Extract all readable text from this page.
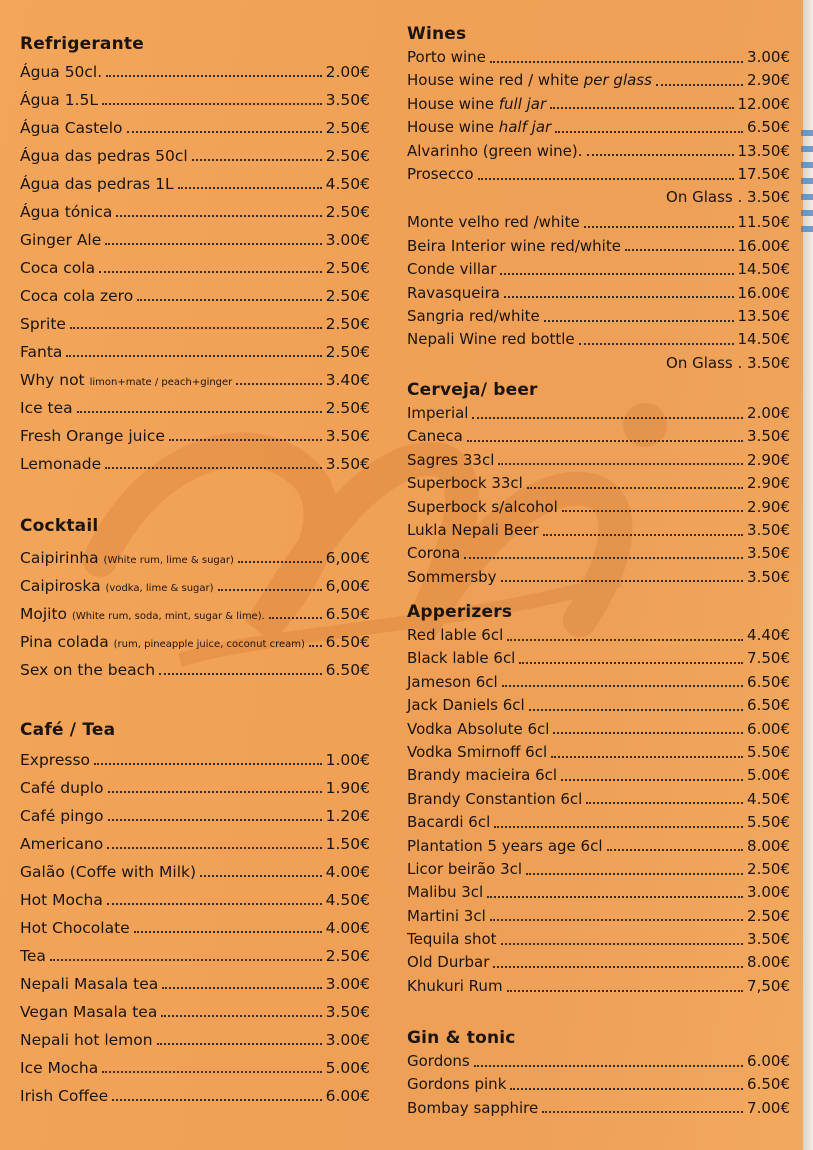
Refrigerante
Água 50cl.	2.00€
Água 1.5L	3.50€
Água Castelo	2.50€
Água das pedras 50cl	2.50€
Água das pedras 1L	4.50€
Água tónica	2.50€
Ginger Ale	3.00€
Coca cola	2.50€
Coca cola zero	2.50€
Sprite	2.50€
Fanta	2.50€
Why not limon+mate / peach+ginger	3.40€
Ice tea	2.50€
Fresh Orange juice	3.50€
Lemonade	3.50€
Cocktail
Caipirinha (White rum, lime & sugar)	6,00€
Caipiroska (vodka, lime & sugar)	6,00€
Mojito (White rum, soda, mint, sugar & lime).	6.50€
Pina colada (rum, pineapple juice, coconut cream) 6.50€
Sex on the beach	6.50€
Café / Tea
Expresso	1.00€
Café duplo	1.90€
Café pingo	1.20€
Americano	1.50€
Galão (Coffe with Milk)	4.00€
Hot Mocha	4.50€
Hot Chocolate	4.00€
Tea	2.50€
Nepali Masala tea	3.00€
Vegan Masala tea	3.50€
Nepali hot lemon	3.00€
Ice Mocha	5.00€
Irish Coffee	6.00€
Wines
Porto wine	3.00€
House wine red / white per glass	2.90€
House wine full jar	12.00€
House wine half jar	6.50€
Alvarinho (green wine).	13.50€
Prosecco	17.50€
On Glass . 3.50€
Monte velho red /white	11.50€
Beira Interior wine red/white	16.00€
Conde villar	14.50€
Ravasqueira	16.00€
Sangria red/white	13.50€
Nepali Wine red bottle	14.50€
On Glass . 3.50€
Cerveja/ beer
Imperial	2.00€
Caneca	3.50€
Sagres 33cl	2.90€
Superbock 33cl	2.90€
Superbock s/alcohol	2.90€
Lukla Nepali Beer	3.50€
Corona	3.50€
Sommersby	3.50€
Apperizers
Red lable 6cl	4.40€
Black lable 6cl	7.50€
Jameson 6cl	6.50€
Jack Daniels 6cl	6.50€
Vodka Absolute 6cl	6.00€
Vodka Smirnoff 6cl	5.50€
Brandy macieira 6cl	5.00€
Brandy Constantion 6cl	4.50€
Bacardi 6cl	5.50€
Plantation 5 years age 6cl	8.00€
Licor beirão 3cl	2.50€
Malibu 3cl	3.00€
Martini 3cl	2.50€
Tequila shot	3.50€
Old Durbar	8.00€
Khukuri Rum	7,50€
Gin & tonic
Gordons	6.00€
Gordons pink	6.50€
Bombay sapphire	7.00€
